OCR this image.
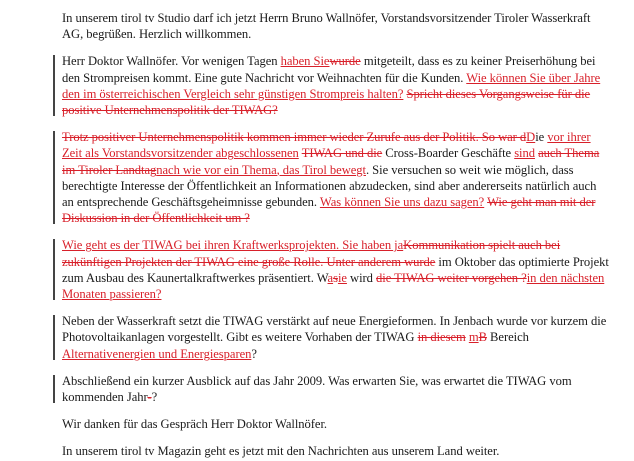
In unserem tirol tv Studio darf ich jetzt Herrn Bruno Wallnöfer, Vorstandsvorsitzender Tiroler Wasserkraft AG, begrüßen. Herzlich willkommen.

Herr Doktor Wallnöfer. Vor wenigen Tagen haben Siewurde mitgeteilt, dass es zu keiner Preiserhöhung bei den Strompreisen kommt. Eine gute Nachricht vor Weihnachten für die Kunden. Wie können Sie über Jahre den im österreichischen Vergleich sehr günstigen Strompreis halten? Spricht dieses Vorgangsweise für die positive Unternehmenspolitik der TIWAG?

Trotz positiver Unternehmenspolitik kommen immer wieder Zurufe aus der Politik. So war dDie vor ihrer Zeit als Vorstandsvorsitzender abgeschlossenen TIWAG und die Cross-Boarder Geschäfte sind auch Thema im Tiroler Landtagnach wie vor ein Thema, das Tirol bewegt. Sie versuchen so weit wie möglich, dass berechtigte Interesse der Öffentlichkeit an Informationen abzudecken, sind aber andererseits natürlich auch an entsprechende Geschäftsgeheimnisse gebunden. Was können Sie uns dazu sagen? Wie geht man mit der Diskussion in der Öffentlichkeit um ?

Wie geht es der TIWAG bei ihren Kraftwerksprojekten. Sie haben jaKommunikation spielt auch bei zukünftigen Projekten der TIWAG eine große Rolle. Unter anderem wurde im Oktober das optimierte Projekt zum Ausbau des Kaunertalkraftwerkes präsentiert. Wasie wird die TIWAG weiter vorgehen ?in den nächsten Monaten passieren?

Neben der Wasserkraft setzt die TIWAG verstärkt auf neue Energieformen. In Jenbach wurde vor kurzem die Photovoltaikanlagen vorgestellt. Gibt es weitere Vorhaben der TIWAG in diesem mB Bereich Alternativenergien und Energiesparen?

Abschließend ein kurzer Ausblick auf das Jahr 2009. Was erwarten Sie, was erwartet die TIWAG vom kommenden Jahr-?

Wir danken für das Gespräch Herr Doktor Wallnöfer.

In unserem tirol tv Magazin geht es jetzt mit den Nachrichten aus unserem Land weiter.
